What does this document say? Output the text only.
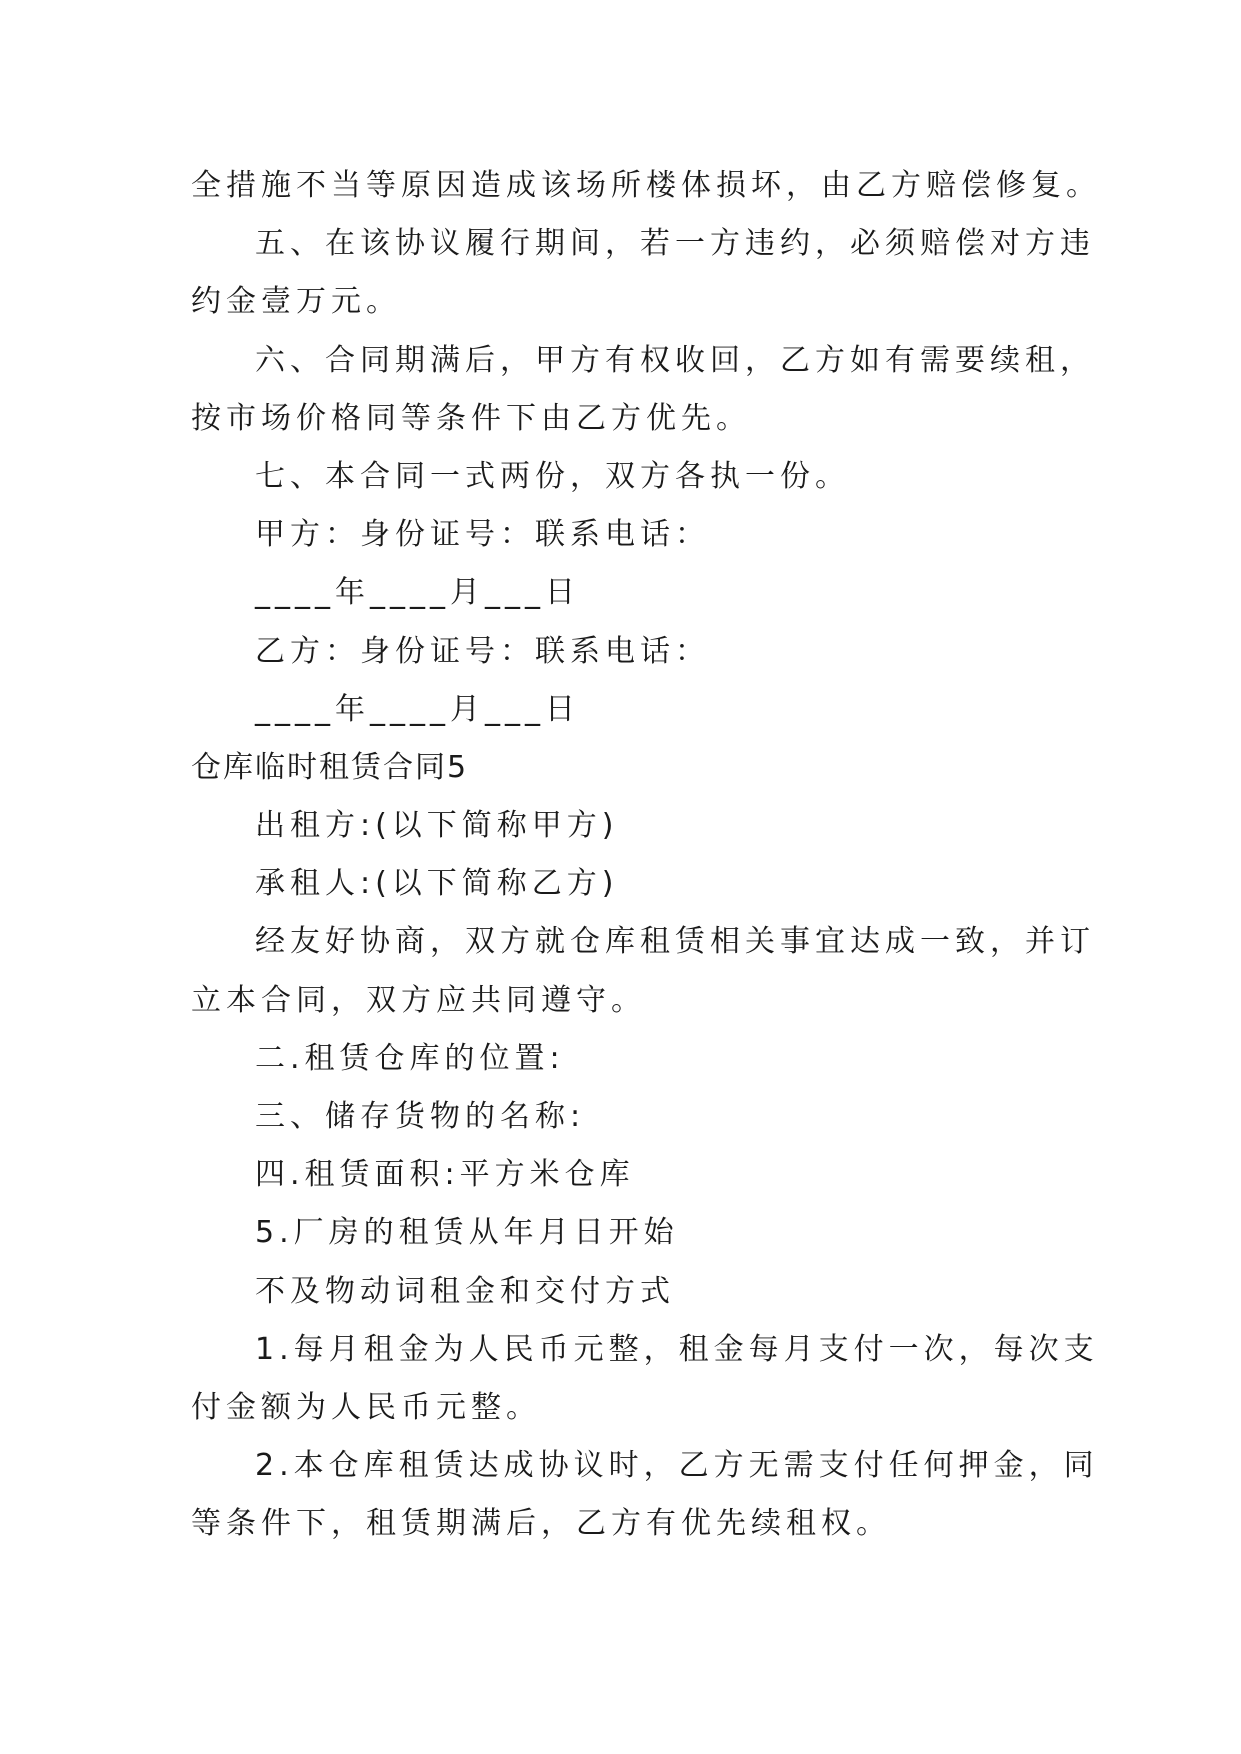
全措施不当等原因造成该场所楼体损坏，由乙方赔偿修复。
五、在该协议履行期间，若一方违约，必须赔偿对方违
约金壹万元。
六、合同期满后，甲方有权收回，乙方如有需要续租，
按市场价格同等条件下由乙方优先。
七、本合同一式两份，双方各执一份。
甲方：身份证号：联系电话：
____年____月___日
乙方：身份证号：联系电话：
____年____月___日
仓库临时租赁合同5
出租方:(以下简称甲方)
承租人:(以下简称乙方)
经友好协商，双方就仓库租赁相关事宜达成一致，并订
立本合同，双方应共同遵守。
二.租赁仓库的位置:
三、储存货物的名称:
四.租赁面积:平方米仓库
5.厂房的租赁从年月日开始
不及物动词租金和交付方式
1.每月租金为人民币元整，租金每月支付一次，每次支
付金额为人民币元整。
2.本仓库租赁达成协议时，乙方无需支付任何押金，同
等条件下，租赁期满后，乙方有优先续租权。
